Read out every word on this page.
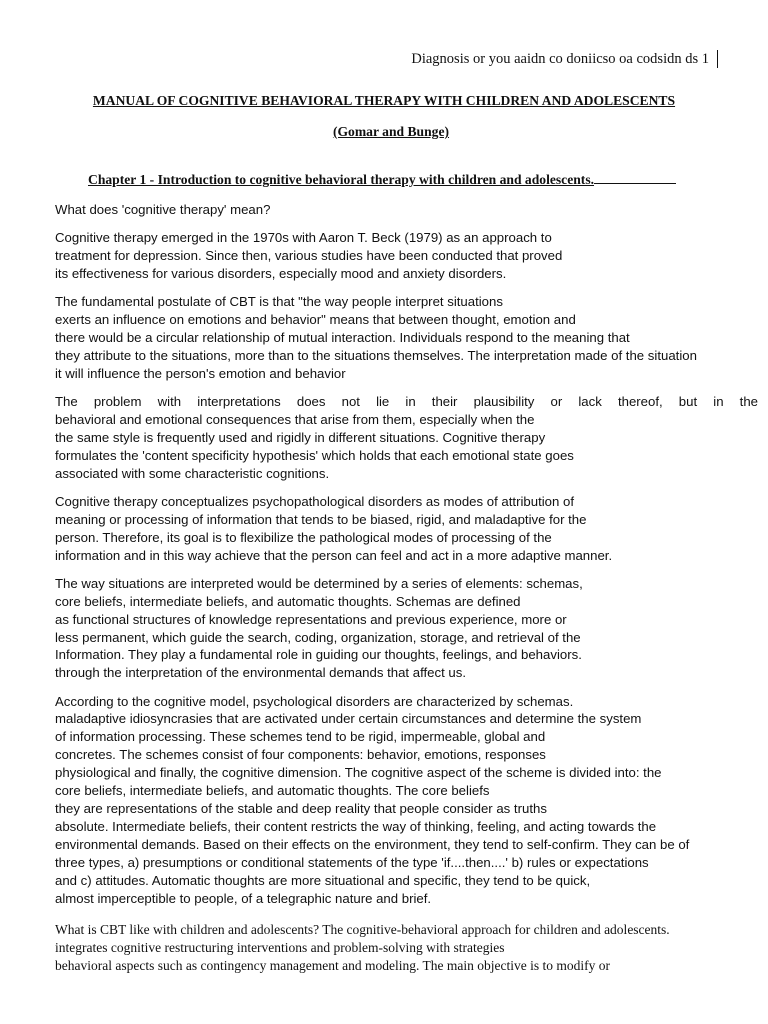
Diagnosis or you aaidn co doniicso oa codsidn ds 1
MANUAL OF COGNITIVE BEHAVIORAL THERAPY WITH CHILDREN AND ADOLESCENTS
(Gomar and Bunge)
Chapter 1 - Introduction to cognitive behavioral therapy with children and adolescents.

What does 'cognitive therapy' mean?

Cognitive therapy emerged in the 1970s with Aaron T. Beck (1979) as an approach to
treatment for depression. Since then, various studies have been conducted that proved
its effectiveness for various disorders, especially mood and anxiety disorders.

The fundamental postulate of CBT is that "the way people interpret situations
exerts an influence on emotions and behavior" means that between thought, emotion and
there would be a circular relationship of mutual interaction. Individuals respond to the meaning that
they attribute to the situations, more than to the situations themselves. The interpretation made of the situation
it will influence the person's emotion and behavior

The problem with interpretations does not lie in their plausibility or lack thereof, but in the
behavioral and emotional consequences that arise from them, especially when the
the same style is frequently used and rigidly in different situations. Cognitive therapy
formulates the 'content specificity hypothesis' which holds that each emotional state goes
associated with some characteristic cognitions.

Cognitive therapy conceptualizes psychopathological disorders as modes of attribution of
meaning or processing of information that tends to be biased, rigid, and maladaptive for the
person. Therefore, its goal is to flexibilize the pathological modes of processing of the
information and in this way achieve that the person can feel and act in a more adaptive manner.

The way situations are interpreted would be determined by a series of elements: schemas,
core beliefs, intermediate beliefs, and automatic thoughts. Schemas are defined
as functional structures of knowledge representations and previous experience, more or
less permanent, which guide the search, coding, organization, storage, and retrieval of the
Information. They play a fundamental role in guiding our thoughts, feelings, and behaviors.
through the interpretation of the environmental demands that affect us.

According to the cognitive model, psychological disorders are characterized by schemas.
maladaptive idiosyncrasies that are activated under certain circumstances and determine the system
of information processing. These schemes tend to be rigid, impermeable, global and
concretes. The schemes consist of four components: behavior, emotions, responses
physiological and finally, the cognitive dimension. The cognitive aspect of the scheme is divided into: the
core beliefs, intermediate beliefs, and automatic thoughts. The core beliefs
they are representations of the stable and deep reality that people consider as truths
absolute. Intermediate beliefs, their content restricts the way of thinking, feeling, and acting towards the
environmental demands. Based on their effects on the environment, they tend to self-confirm. They can be of
three types, a) presumptions or conditional statements of the type 'if....then....' b) rules or expectations
and c) attitudes. Automatic thoughts are more situational and specific, they tend to be quick,
almost imperceptible to people, of a telegraphic nature and brief.

What is CBT like with children and adolescents? The cognitive-behavioral approach for children and adolescents.
integrates cognitive restructuring interventions and problem-solving with strategies
behavioral aspects such as contingency management and modeling. The main objective is to modify or
